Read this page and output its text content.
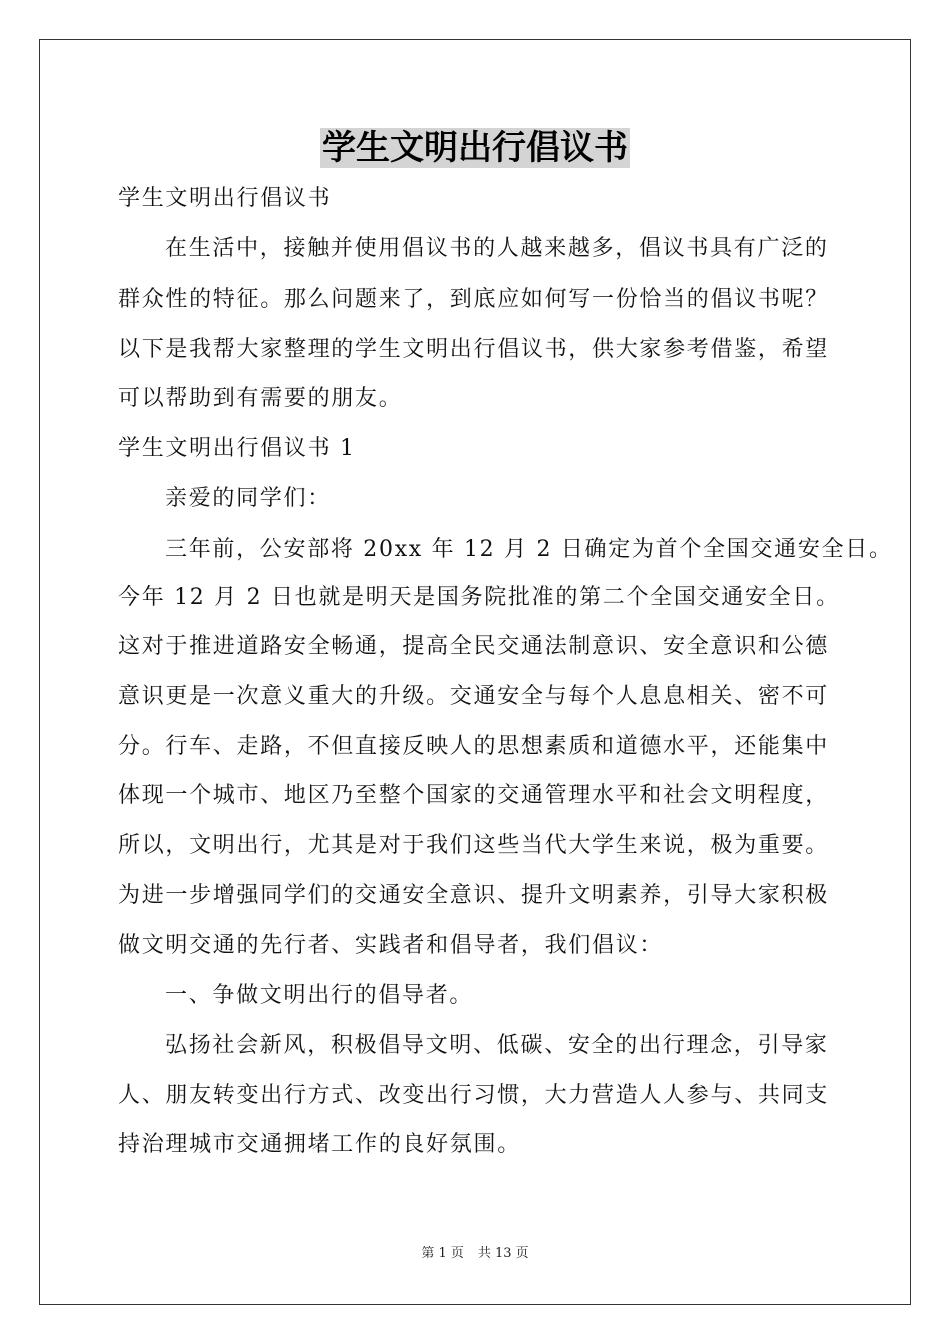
学生文明出行倡议书
学生文明出行倡议书
在生活中，接触并使用倡议书的人越来越多，倡议书具有广泛的
群众性的特征。那么问题来了，到底应如何写一份恰当的倡议书呢？
以下是我帮大家整理的学生文明出行倡议书，供大家参考借鉴，希望
可以帮助到有需要的朋友。
学生文明出行倡议书 1
亲爱的同学们：
三年前，公安部将 20xx 年 12 月 2 日确定为首个全国交通安全日。
今年 12 月 2 日也就是明天是国务院批准的第二个全国交通安全日。
这对于推进道路安全畅通，提高全民交通法制意识、安全意识和公德
意识更是一次意义重大的升级。交通安全与每个人息息相关、密不可
分。行车、走路，不但直接反映人的思想素质和道德水平，还能集中
体现一个城市、地区乃至整个国家的交通管理水平和社会文明程度，
所以，文明出行，尤其是对于我们这些当代大学生来说，极为重要。
为进一步增强同学们的交通安全意识、提升文明素养，引导大家积极
做文明交通的先行者、实践者和倡导者，我们倡议：
一、争做文明出行的倡导者。
弘扬社会新风，积极倡导文明、低碳、安全的出行理念，引导家
人、朋友转变出行方式、改变出行习惯，大力营造人人参与、共同支
持治理城市交通拥堵工作的良好氛围。
第 1 页 共 13 页
